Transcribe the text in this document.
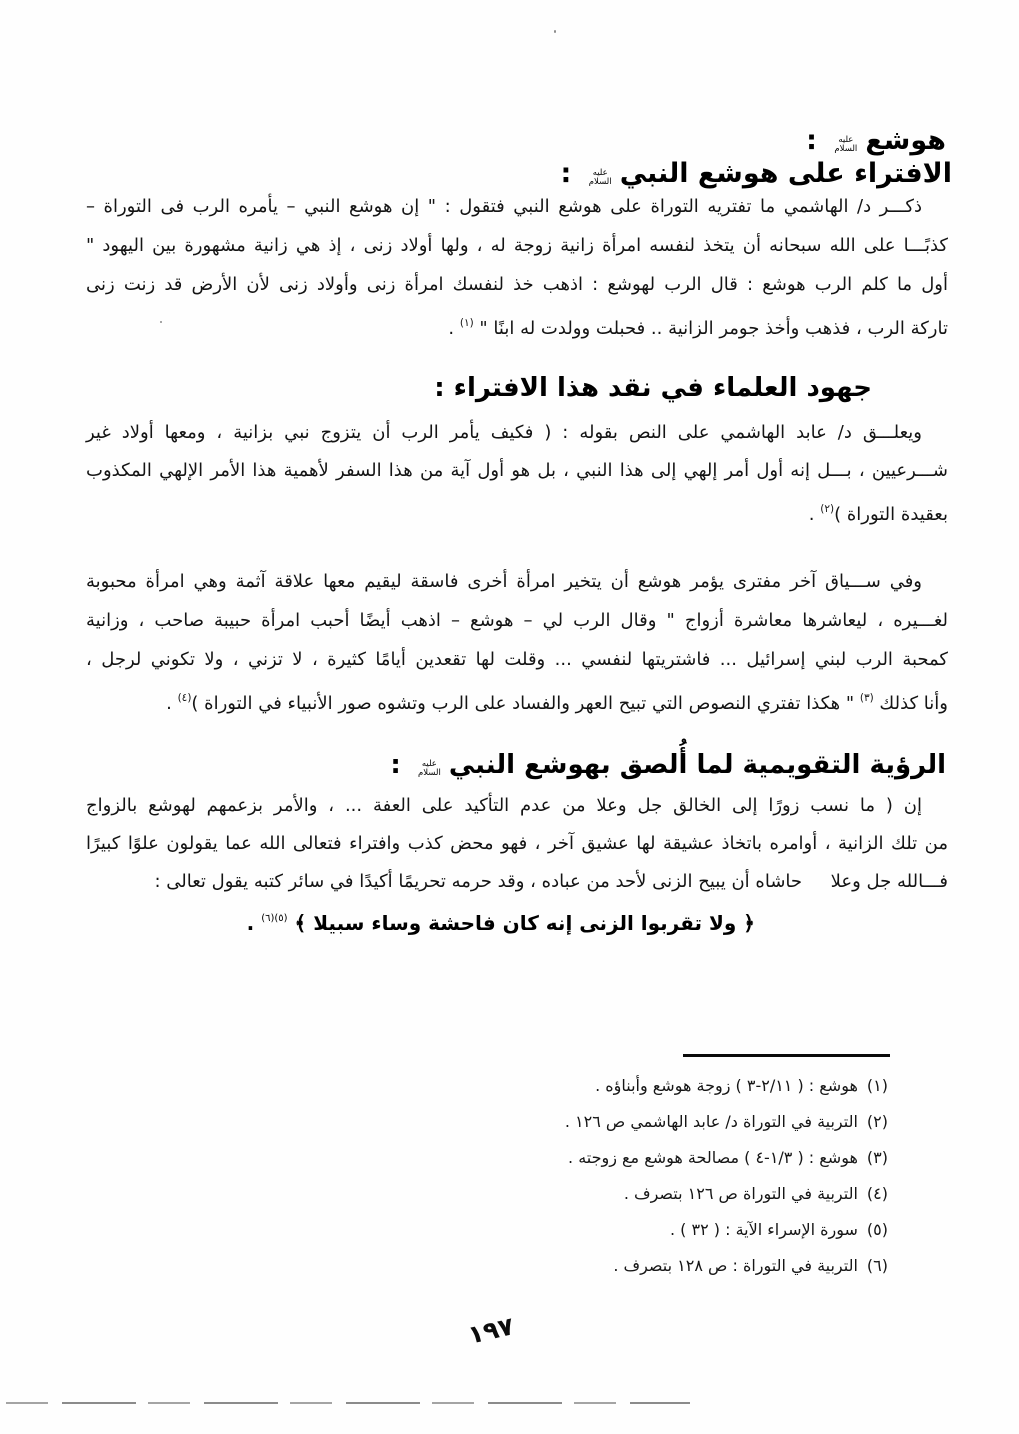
هوشععليه السلام :
الافتراء على هوشع النبيعليه السلام :
ذكـــر د/ الهاشمي ما تفتريه التوراة على هوشع النبي فتقول : " إن هوشع النبي – يأمره الرب فى التوراة –
كذبًـــا على الله سبحانه أن يتخذ لنفسه امرأة زانية زوجة له ، ولها أولاد زنى ، إذ هي زانية مشهورة بين اليهود "
أول ما كلم الرب هوشع : قال الرب لهوشع : اذهب خذ لنفسك امرأة زنى وأولاد زنى لأن الأرض قد زنت زنى
تاركة الرب ، فذهب وأخذ جومر الزانية .. فحبلت وولدت له ابنًا " $^{(١)}$ .
جهود العلماء في نقد هذا الافتراء :
ويعلـــق د/ عابد الهاشمي على النص بقوله : ( فكيف يأمر الرب أن يتزوج نبي بزانية ، ومعها أولاد غير
شـــرعيين ، بـــل إنه أول أمر إلهي إلى هذا النبي ، بل هو أول آية من هذا السفر لأهمية هذا الأمر الإلهي المكذوب
بعقيدة التوراة )$^{(٢)}$ .
وفي ســـياق آخر مفترى يؤمر هوشع أن يتخير امرأة أخرى فاسقة ليقيم معها علاقة آثمة وهي امرأة محبوبة
لغـــيره ، ليعاشرها معاشرة أزواج " وقال الرب لي – هوشع – اذهب أيضًا أحبب امرأة حبيبة صاحب ، وزانية
كمحبة الرب لبني إسرائيل ... فاشتريتها لنفسي ... وقلت لها تقعدين أيامًا كثيرة ، لا تزني ، ولا تكوني لرجل ،
وأنا كذلك $^{(٣)}$ " هكذا تفتري النصوص التي تبيح العهر والفساد على الرب وتشوه صور الأنبياء في التوراة )$^{(٤)}$ .
الرؤية التقويمية لما أُلصق بهوشع النبيعليه السلام :
إن ( ما نسب زورًا إلى الخالق جل وعلا من عدم التأكيد على العفة ... ، والأمر بزعمهم لهوشع بالزواج
من تلك الزانية ، أوامره باتخاذ عشيقة لها عشيق آخر ، فهو محض كذب وافتراء فتعالى الله عما يقولون علوًا كبيرًا
فـــالله جل وعلا     حاشاه أن يبيح الزنى لأحد من عباده ، وقد حرمه تحريمًا أكيدًا في سائر كتبه يقول تعالى :
﴿ ولا تقربوا الزنى إنه كان فاحشة وساء سبيلا ﴾ $^{(٥)(٦)}$ .
(١)هوشع : ( ٢/١١-٣ ) زوجة هوشع وأبناؤه .
(٢)التربية في التوراة د/ عابد الهاشمي ص ١٢٦ .
(٣)هوشع : ( ١/٣-٤ ) مصالحة هوشع مع زوجته .
(٤)التربية في التوراة ص ١٢٦ بتصرف .
(٥)سورة الإسراء الآية : ( ٣٢ ) .
(٦)التربية في التوراة : ص ١٢٨ بتصرف .
١٩٧
